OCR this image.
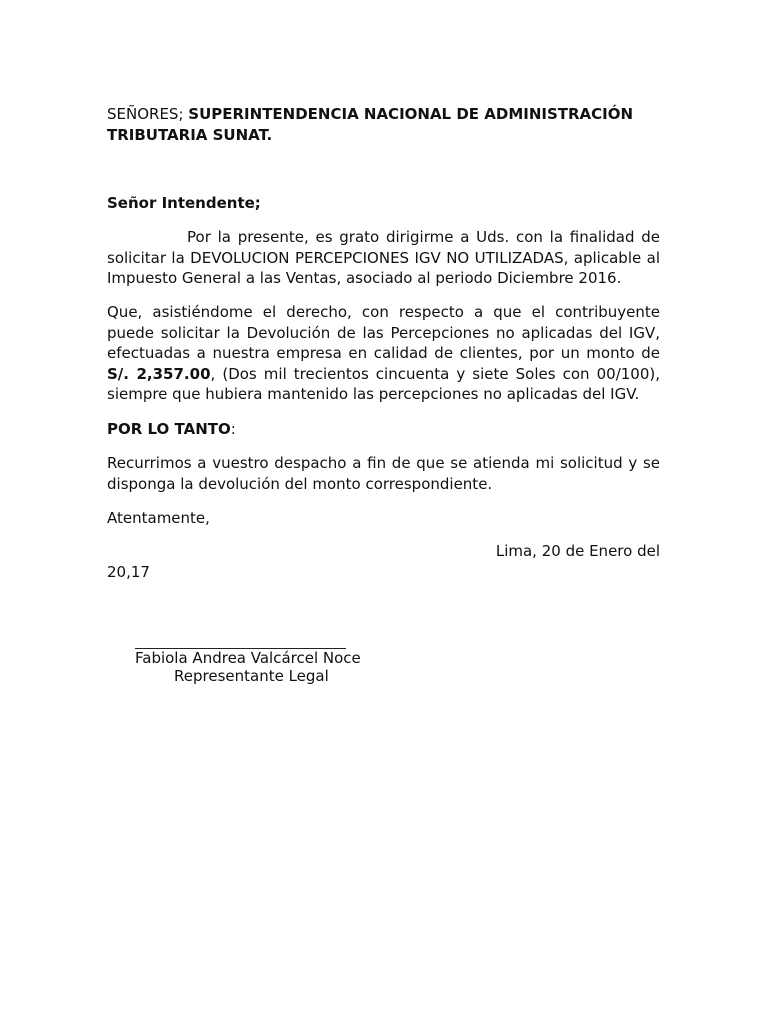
SEÑORES; SUPERINTENDENCIA NACIONAL DE ADMINISTRACIÓN TRIBUTARIA SUNAT.
Señor Intendente;
Por la presente, es grato dirigirme a Uds. con la finalidad de solicitar la DEVOLUCION PERCEPCIONES IGV NO UTILIZADAS, aplicable al Impuesto General a las Ventas, asociado al periodo Diciembre 2016.
Que, asistiéndome el derecho, con respecto a que el contribuyente puede solicitar la Devolución de las Percepciones no aplicadas del IGV, efectuadas a nuestra empresa en calidad de clientes, por un monto de S/. 2,357.00, (Dos mil trecientos cincuenta y siete Soles con 00/100), siempre que hubiera mantenido las percepciones no aplicadas del IGV.
POR LO TANTO:
Recurrimos a vuestro despacho a fin de que se atienda mi solicitud y se disponga la devolución del monto correspondiente.
Atentamente,
Lima, 20 de Enero del
20,17
Fabiola Andrea Valcárcel Noce
Representante Legal
